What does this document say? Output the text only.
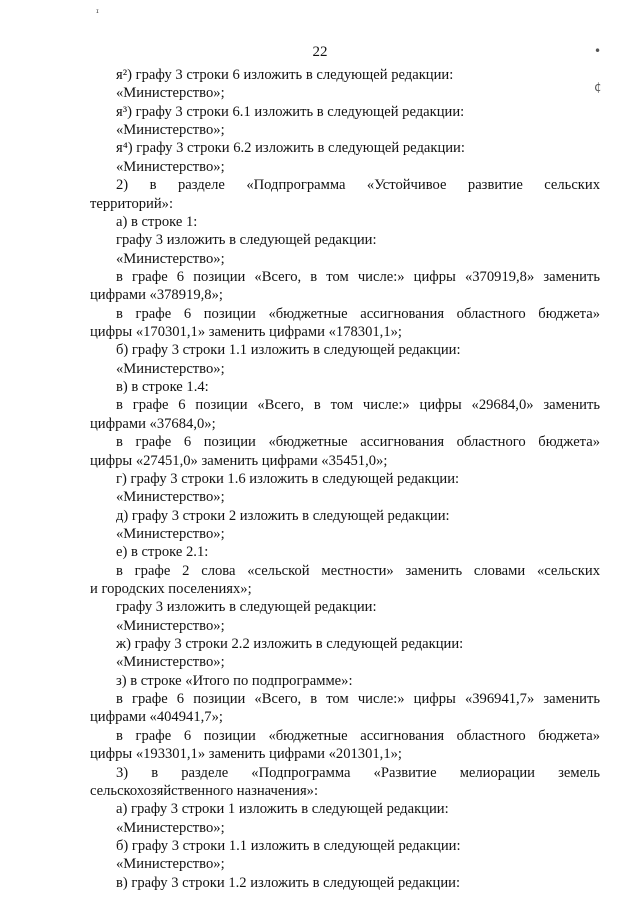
22
ᶦ
•
¢
я²) графу 3 строки 6 изложить в следующей редакции:
«Министерство»;
я³) графу 3 строки 6.1 изложить в следующей редакции:
«Министерство»;
я⁴) графу 3 строки 6.2 изложить в следующей редакции:
«Министерство»;
2) в разделе «Подпрограмма «Устойчивое развитие сельских
территорий»:
а) в строке 1:
графу 3 изложить в следующей редакции:
«Министерство»;
в графе 6 позиции «Всего, в том числе:» цифры «370919,8» заменить
цифрами «378919,8»;
в графе 6 позиции «бюджетные ассигнования областного бюджета»
цифры «170301,1» заменить цифрами «178301,1»;
б) графу 3 строки 1.1 изложить в следующей редакции:
«Министерство»;
в) в строке 1.4:
в графе 6 позиции «Всего, в том числе:» цифры «29684,0» заменить
цифрами «37684,0»;
в графе 6 позиции «бюджетные ассигнования областного бюджета»
цифры «27451,0» заменить цифрами «35451,0»;
г) графу 3 строки 1.6 изложить в следующей редакции:
«Министерство»;
д) графу 3 строки 2 изложить в следующей редакции:
«Министерство»;
е) в строке 2.1:
в графе 2 слова «сельской местности» заменить словами «сельских
и городских поселениях»;
графу 3 изложить в следующей редакции:
«Министерство»;
ж) графу 3 строки 2.2 изложить в следующей редакции:
«Министерство»;
з) в строке «Итого по подпрограмме»:
в графе 6 позиции «Всего, в том числе:» цифры «396941,7» заменить
цифрами «404941,7»;
в графе 6 позиции «бюджетные ассигнования областного бюджета»
цифры «193301,1» заменить цифрами «201301,1»;
3) в разделе «Подпрограмма «Развитие мелиорации земель
сельскохозяйственного назначения»:
а) графу 3 строки 1 изложить в следующей редакции:
«Министерство»;
б) графу 3 строки 1.1 изложить в следующей редакции:
«Министерство»;
в) графу 3 строки 1.2 изложить в следующей редакции:
